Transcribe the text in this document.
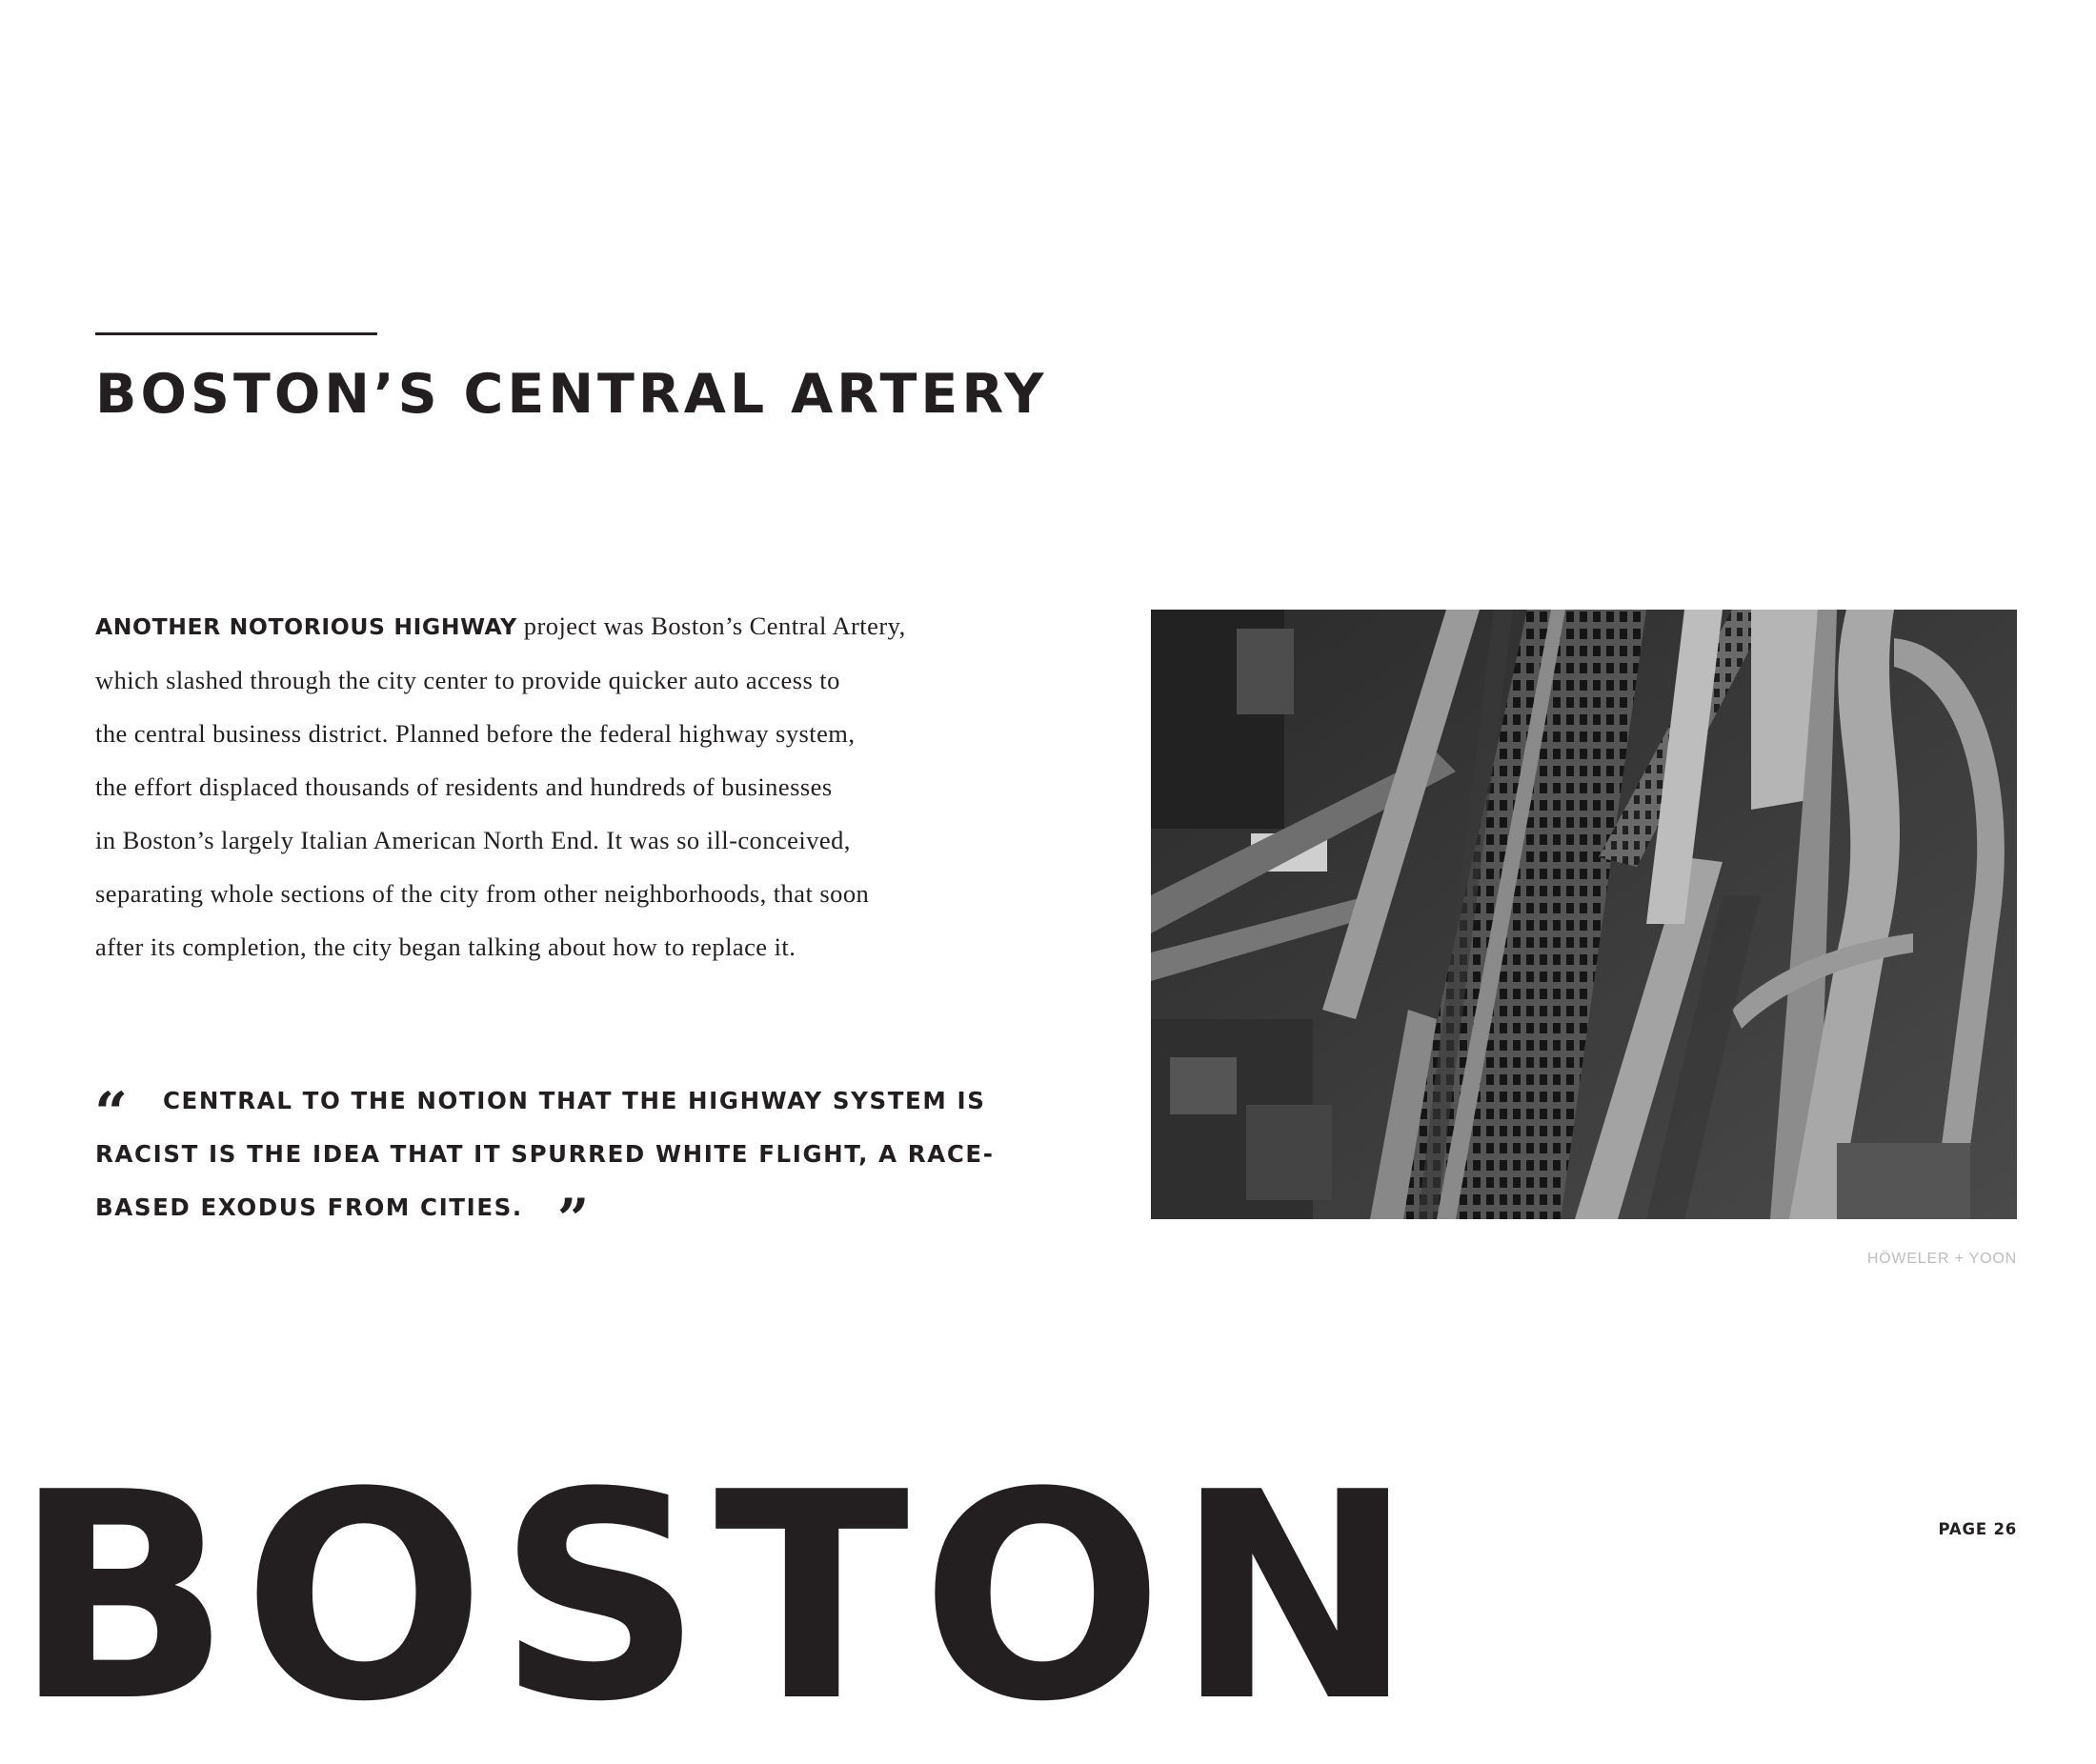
BOSTON’S CENTRAL ARTERY
ANOTHER NOTORIOUS HIGHWAY project was Boston’s Central Artery,
which slashed through the city center to provide quicker auto access to
the central business district. Planned before the federal highway system,
the effort displaced thousands of residents and hundreds of businesses
in Boston’s largely Italian American North End. It was so ill-conceived,
separating whole sections of the city from other neighborhoods, that soon
after its completion, the city began talking about how to replace it.
“ CENTRAL TO THE NOTION THAT THE HIGHWAY SYSTEM IS
RACIST IS THE IDEA THAT IT SPURRED WHITE FLIGHT, A RACE-
BASED EXODUS FROM CITIES. ”
HÖWELER + YOON
PAGE 26
BOSTON
